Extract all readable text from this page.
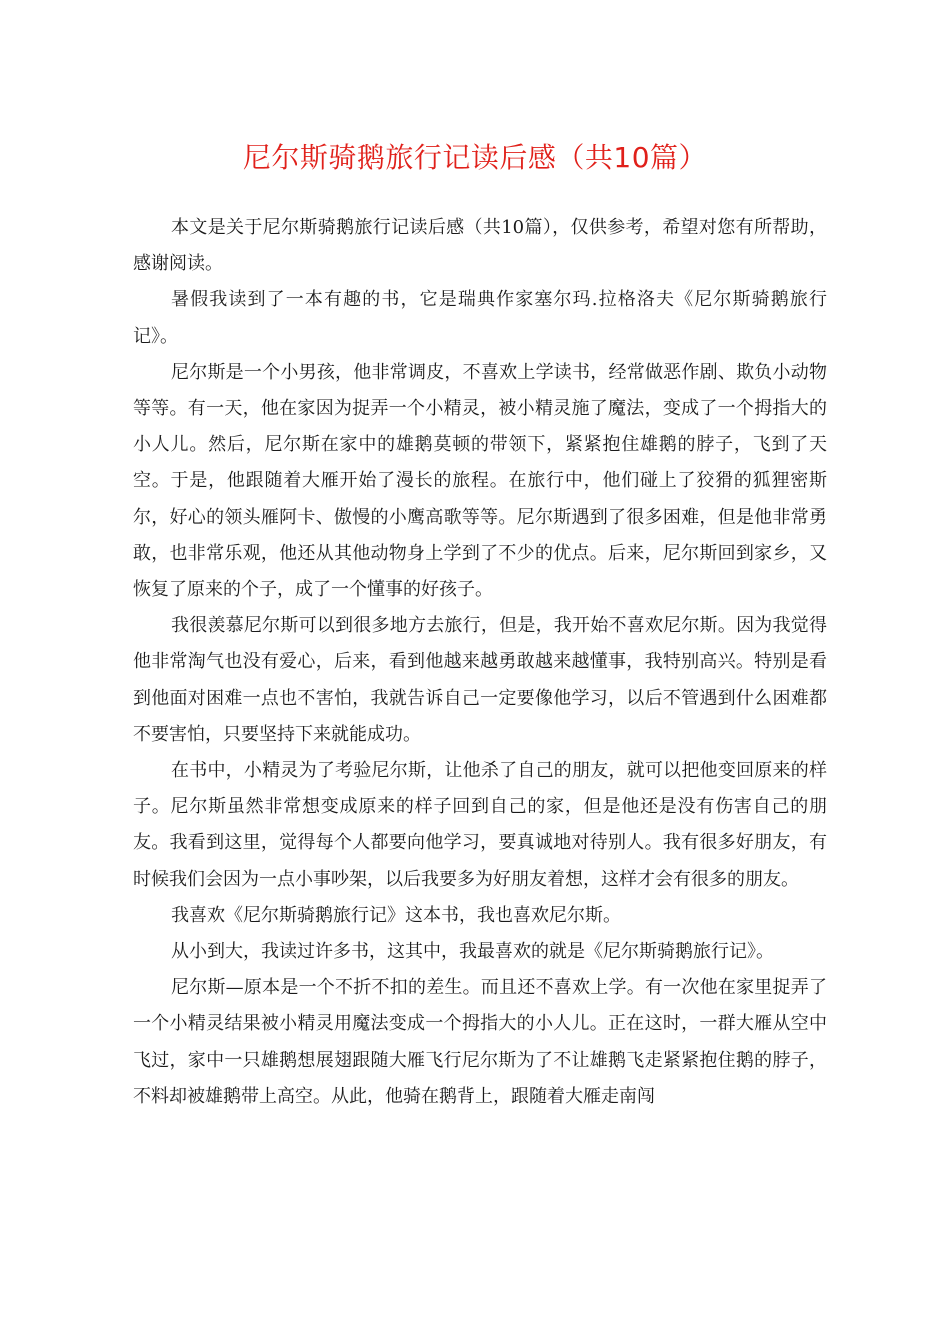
尼尔斯骑鹅旅行记读后感（共10篇）

本文是关于尼尔斯骑鹅旅行记读后感（共10篇），仅供参考，希望对您有所帮助，感谢阅读。

暑假我读到了一本有趣的书，它是瑞典作家塞尔玛.拉格洛夫《尼尔斯骑鹅旅行记》。

尼尔斯是一个小男孩，他非常调皮，不喜欢上学读书，经常做恶作剧、欺负小动物等等。有一天，他在家因为捉弄一个小精灵，被小精灵施了魔法，变成了一个拇指大的小人儿。然后，尼尔斯在家中的雄鹅莫顿的带领下，紧紧抱住雄鹅的脖子，飞到了天空。于是，他跟随着大雁开始了漫长的旅程。在旅行中，他们碰上了狡猾的狐狸密斯尔，好心的领头雁阿卡、傲慢的小鹰高歌等等。尼尔斯遇到了很多困难，但是他非常勇敢，也非常乐观，他还从其他动物身上学到了不少的优点。后来，尼尔斯回到家乡，又恢复了原来的个子，成了一个懂事的好孩子。

我很羡慕尼尔斯可以到很多地方去旅行，但是，我开始不喜欢尼尔斯。因为我觉得他非常淘气也没有爱心，后来，看到他越来越勇敢越来越懂事，我特别高兴。特别是看到他面对困难一点也不害怕，我就告诉自己一定要像他学习，以后不管遇到什么困难都不要害怕，只要坚持下来就能成功。

在书中，小精灵为了考验尼尔斯，让他杀了自己的朋友，就可以把他变回原来的样子。尼尔斯虽然非常想变成原来的样子回到自己的家，但是他还是没有伤害自己的朋友。我看到这里，觉得每个人都要向他学习，要真诚地对待别人。我有很多好朋友，有时候我们会因为一点小事吵架，以后我要多为好朋友着想，这样才会有很多的朋友。

我喜欢《尼尔斯骑鹅旅行记》这本书，我也喜欢尼尔斯。

从小到大，我读过许多书，这其中，我最喜欢的就是《尼尔斯骑鹅旅行记》。

尼尔斯—原本是一个不折不扣的差生。而且还不喜欢上学。有一次他在家里捉弄了一个小精灵结果被小精灵用魔法变成一个拇指大的小人儿。正在这时，一群大雁从空中飞过，家中一只雄鹅想展翅跟随大雁飞行尼尔斯为了不让雄鹅飞走紧紧抱住鹅的脖子，不料却被雄鹅带上高空。从此，他骑在鹅背上，跟随着大雁走南闯
